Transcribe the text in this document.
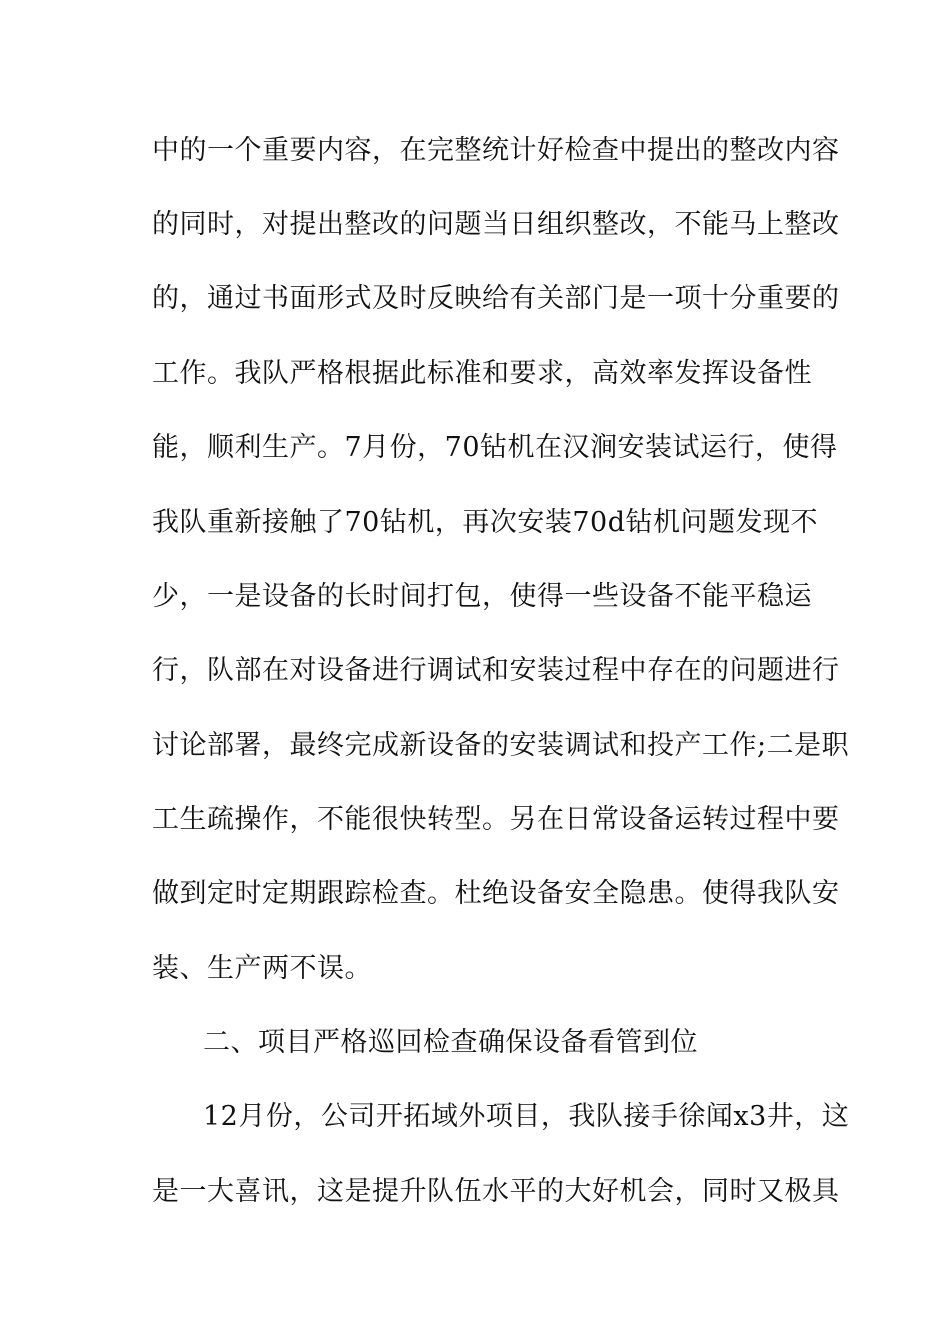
中的一个重要内容，在完整统计好检查中提出的整改内容
的同时，对提出整改的问题当日组织整改，不能马上整改
的，通过书面形式及时反映给有关部门是一项十分重要的
工作。我队严格根据此标准和要求，高效率发挥设备性
能，顺利生产。7月份，70钻机在汉涧安装试运行，使得
我队重新接触了70钻机，再次安装70d钻机问题发现不
少，一是设备的长时间打包，使得一些设备不能平稳运
行，队部在对设备进行调试和安装过程中存在的问题进行
讨论部署，最终完成新设备的安装调试和投产工作;二是职
工生疏操作，不能很快转型。另在日常设备运转过程中要
做到定时定期跟踪检查。杜绝设备安全隐患。使得我队安
装、生产两不误。
二、项目严格巡回检查确保设备看管到位
12月份，公司开拓域外项目，我队接手徐闻x3井，这
是一大喜讯，这是提升队伍水平的大好机会，同时又极具
